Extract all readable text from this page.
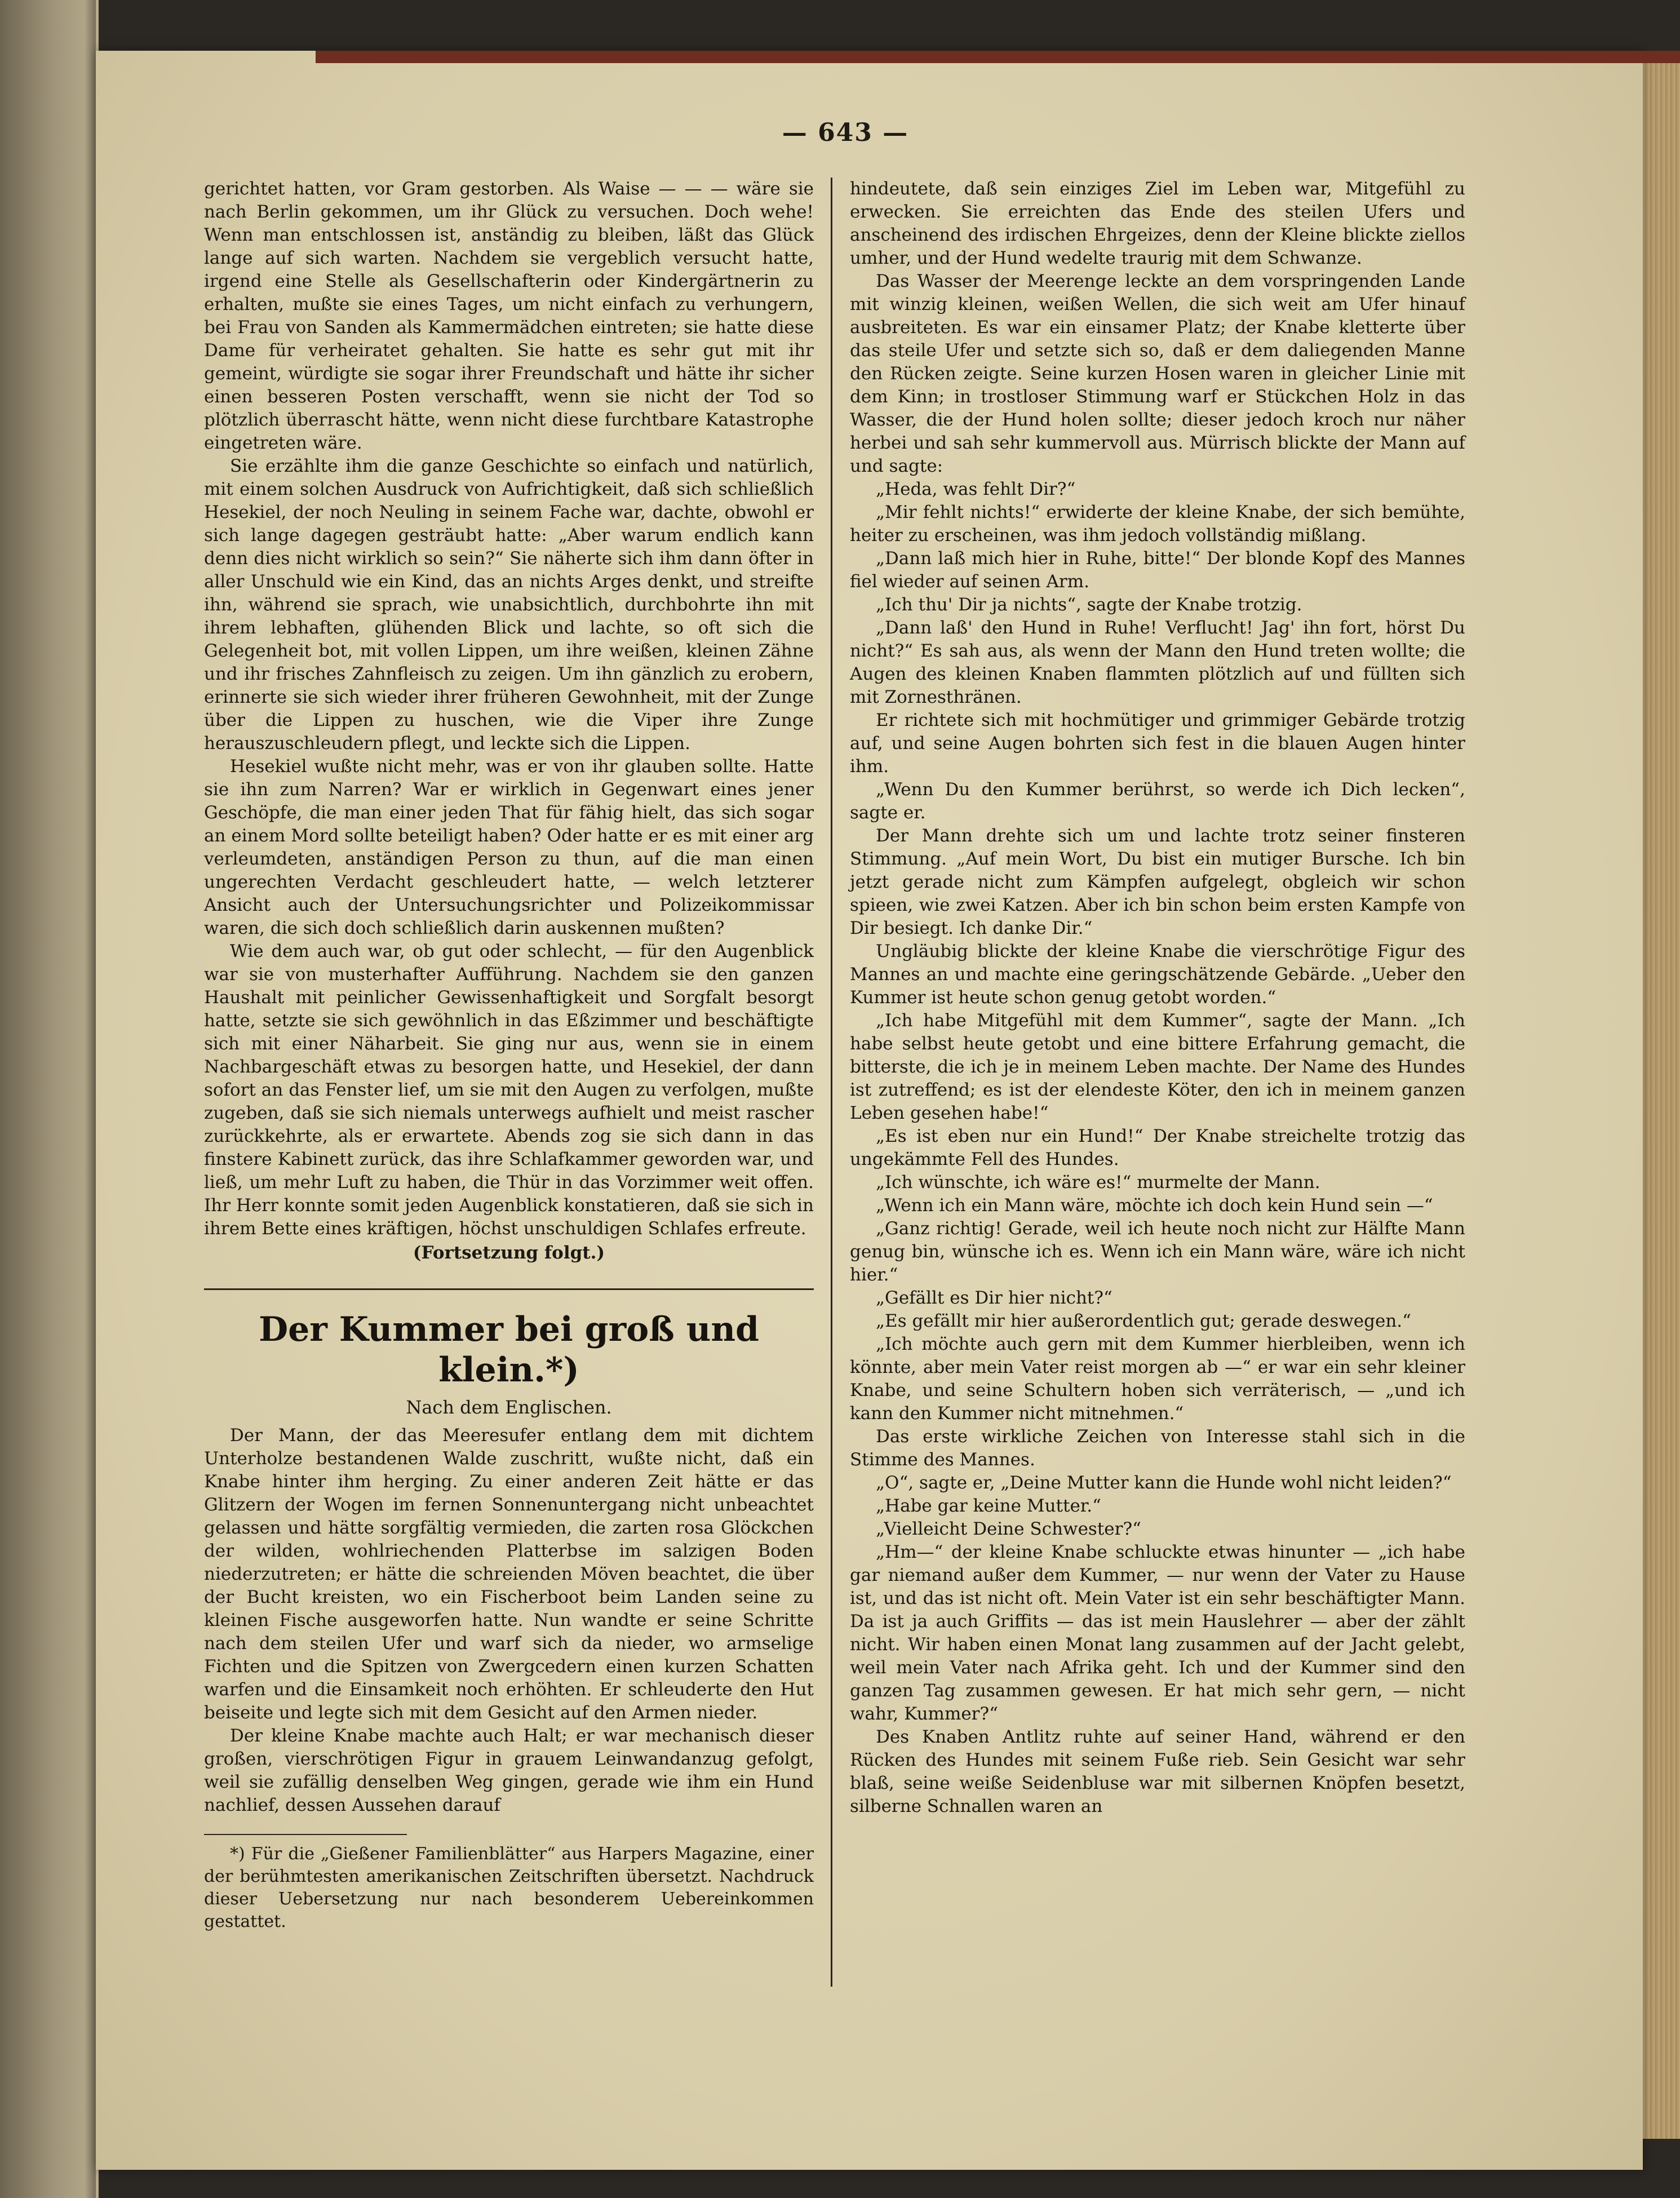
— 643 —

gerichtet hatten, vor Gram gestorben. Als Waise — — — wäre sie nach Berlin gekommen, um ihr Glück zu versuchen. Doch wehe! Wenn man entschlossen ist, anständig zu bleiben, läßt das Glück lange auf sich warten. Nachdem sie vergeblich versucht hatte, irgend eine Stelle als Gesellschafterin oder Kindergärtnerin zu erhalten, mußte sie eines Tages, um nicht einfach zu verhungern, bei Frau von Sanden als Kammermädchen eintreten; sie hatte diese Dame für verheiratet gehalten. Sie hatte es sehr gut mit ihr gemeint, würdigte sie sogar ihrer Freundschaft und hätte ihr sicher einen besseren Posten verschafft, wenn sie nicht der Tod so plötzlich überrascht hätte, wenn nicht diese furchtbare Katastrophe eingetreten wäre.

Sie erzählte ihm die ganze Geschichte so einfach und natürlich, mit einem solchen Ausdruck von Aufrichtigkeit, daß sich schließlich Hesekiel, der noch Neuling in seinem Fache war, dachte, obwohl er sich lange dagegen gesträubt hatte: „Aber warum endlich kann denn dies nicht wirklich so sein?“ Sie näherte sich ihm dann öfter in aller Unschuld wie ein Kind, das an nichts Arges denkt, und streifte ihn, während sie sprach, wie unabsichtlich, durchbohrte ihn mit ihrem lebhaften, glühenden Blick und lachte, so oft sich die Gelegenheit bot, mit vollen Lippen, um ihre weißen, kleinen Zähne und ihr frisches Zahnfleisch zu zeigen. Um ihn gänzlich zu erobern, erinnerte sie sich wieder ihrer früheren Gewohnheit, mit der Zunge über die Lippen zu huschen, wie die Viper ihre Zunge herauszuschleudern pflegt, und leckte sich die Lippen.

Hesekiel wußte nicht mehr, was er von ihr glauben sollte. Hatte sie ihn zum Narren? War er wirklich in Gegenwart eines jener Geschöpfe, die man einer jeden That für fähig hielt, das sich sogar an einem Mord sollte beteiligt haben? Oder hatte er es mit einer arg verleumdeten, anständigen Person zu thun, auf die man einen ungerechten Verdacht geschleudert hatte, — welch letzterer Ansicht auch der Untersuchungsrichter und Polizeikommissar waren, die sich doch schließlich darin auskennen mußten?

Wie dem auch war, ob gut oder schlecht, — für den Augenblick war sie von musterhafter Aufführung. Nachdem sie den ganzen Haushalt mit peinlicher Gewissenhaftigkeit und Sorgfalt besorgt hatte, setzte sie sich gewöhnlich in das Eßzimmer und beschäftigte sich mit einer Näharbeit. Sie ging nur aus, wenn sie in einem Nachbargeschäft etwas zu besorgen hatte, und Hesekiel, der dann sofort an das Fenster lief, um sie mit den Augen zu verfolgen, mußte zugeben, daß sie sich niemals unterwegs aufhielt und meist rascher zurückkehrte, als er erwartete. Abends zog sie sich dann in das finstere Kabinett zurück, das ihre Schlafkammer geworden war, und ließ, um mehr Luft zu haben, die Thür in das Vorzimmer weit offen. Ihr Herr konnte somit jeden Augenblick konstatieren, daß sie sich in ihrem Bette eines kräftigen, höchst unschuldigen Schlafes erfreute.

(Fortsetzung folgt.)

Der Kummer bei groß und klein.*)

Nach dem Englischen.

Der Mann, der das Meeresufer entlang dem mit dichtem Unterholze bestandenen Walde zuschritt, wußte nicht, daß ein Knabe hinter ihm herging. Zu einer anderen Zeit hätte er das Glitzern der Wogen im fernen Sonnenuntergang nicht unbeachtet gelassen und hätte sorgfältig vermieden, die zarten rosa Glöckchen der wilden, wohlriechenden Platterbse im salzigen Boden niederzutreten; er hätte die schreienden Möven beachtet, die über der Bucht kreisten, wo ein Fischerboot beim Landen seine zu kleinen Fische ausgeworfen hatte. Nun wandte er seine Schritte nach dem steilen Ufer und warf sich da nieder, wo armselige Fichten und die Spitzen von Zwergcedern einen kurzen Schatten warfen und die Einsamkeit noch erhöhten. Er schleuderte den Hut beiseite und legte sich mit dem Gesicht auf den Armen nieder.

Der kleine Knabe machte auch Halt; er war mechanisch dieser großen, vierschrötigen Figur in grauem Leinwandanzug gefolgt, weil sie zufällig denselben Weg gingen, gerade wie ihm ein Hund nachlief, dessen Aussehen darauf

*) Für die „Gießener Familienblätter“ aus Harpers Magazine, einer der berühmtesten amerikanischen Zeitschriften übersetzt. Nachdruck dieser Uebersetzung nur nach besonderem Uebereinkommen gestattet.

hindeutete, daß sein einziges Ziel im Leben war, Mitgefühl zu erwecken. Sie erreichten das Ende des steilen Ufers und anscheinend des irdischen Ehrgeizes, denn der Kleine blickte ziellos umher, und der Hund wedelte traurig mit dem Schwanze.

Das Wasser der Meerenge leckte an dem vorspringenden Lande mit winzig kleinen, weißen Wellen, die sich weit am Ufer hinauf ausbreiteten. Es war ein einsamer Platz; der Knabe kletterte über das steile Ufer und setzte sich so, daß er dem daliegenden Manne den Rücken zeigte. Seine kurzen Hosen waren in gleicher Linie mit dem Kinn; in trostloser Stimmung warf er Stückchen Holz in das Wasser, die der Hund holen sollte; dieser jedoch kroch nur näher herbei und sah sehr kummervoll aus. Mürrisch blickte der Mann auf und sagte:

„Heda, was fehlt Dir?“

„Mir fehlt nichts!“ erwiderte der kleine Knabe, der sich bemühte, heiter zu erscheinen, was ihm jedoch vollständig mißlang.

„Dann laß mich hier in Ruhe, bitte!“ Der blonde Kopf des Mannes fiel wieder auf seinen Arm.

„Ich thu' Dir ja nichts“, sagte der Knabe trotzig.

„Dann laß' den Hund in Ruhe! Verflucht! Jag' ihn fort, hörst Du nicht?“ Es sah aus, als wenn der Mann den Hund treten wollte; die Augen des kleinen Knaben flammten plötzlich auf und füllten sich mit Zornesthränen.

Er richtete sich mit hochmütiger und grimmiger Gebärde trotzig auf, und seine Augen bohrten sich fest in die blauen Augen hinter ihm.

„Wenn Du den Kummer berührst, so werde ich Dich lecken“, sagte er.

Der Mann drehte sich um und lachte trotz seiner finsteren Stimmung. „Auf mein Wort, Du bist ein mutiger Bursche. Ich bin jetzt gerade nicht zum Kämpfen aufgelegt, obgleich wir schon spieen, wie zwei Katzen. Aber ich bin schon beim ersten Kampfe von Dir besiegt. Ich danke Dir.“

Ungläubig blickte der kleine Knabe die vierschrötige Figur des Mannes an und machte eine geringschätzende Gebärde. „Ueber den Kummer ist heute schon genug getobt worden.“

„Ich habe Mitgefühl mit dem Kummer“, sagte der Mann. „Ich habe selbst heute getobt und eine bittere Erfahrung gemacht, die bitterste, die ich je in meinem Leben machte. Der Name des Hundes ist zutreffend; es ist der elendeste Köter, den ich in meinem ganzen Leben gesehen habe!“

„Es ist eben nur ein Hund!“ Der Knabe streichelte trotzig das ungekämmte Fell des Hundes.

„Ich wünschte, ich wäre es!“ murmelte der Mann.

„Wenn ich ein Mann wäre, möchte ich doch kein Hund sein —“

„Ganz richtig! Gerade, weil ich heute noch nicht zur Hälfte Mann genug bin, wünsche ich es. Wenn ich ein Mann wäre, wäre ich nicht hier.“

„Gefällt es Dir hier nicht?“

„Es gefällt mir hier außerordentlich gut; gerade deswegen.“

„Ich möchte auch gern mit dem Kummer hierbleiben, wenn ich könnte, aber mein Vater reist morgen ab —“ er war ein sehr kleiner Knabe, und seine Schultern hoben sich verräterisch, — „und ich kann den Kummer nicht mitnehmen.“

Das erste wirkliche Zeichen von Interesse stahl sich in die Stimme des Mannes.

„O“, sagte er, „Deine Mutter kann die Hunde wohl nicht leiden?“

„Habe gar keine Mutter.“

„Vielleicht Deine Schwester?“

„Hm—“ der kleine Knabe schluckte etwas hinunter — „ich habe gar niemand außer dem Kummer, — nur wenn der Vater zu Hause ist, und das ist nicht oft. Mein Vater ist ein sehr beschäftigter Mann. Da ist ja auch Griffits — das ist mein Hauslehrer — aber der zählt nicht. Wir haben einen Monat lang zusammen auf der Jacht gelebt, weil mein Vater nach Afrika geht. Ich und der Kummer sind den ganzen Tag zusammen gewesen. Er hat mich sehr gern, — nicht wahr, Kummer?“

Des Knaben Antlitz ruhte auf seiner Hand, während er den Rücken des Hundes mit seinem Fuße rieb. Sein Gesicht war sehr blaß, seine weiße Seidenbluse war mit silbernen Knöpfen besetzt, silberne Schnallen waren an
